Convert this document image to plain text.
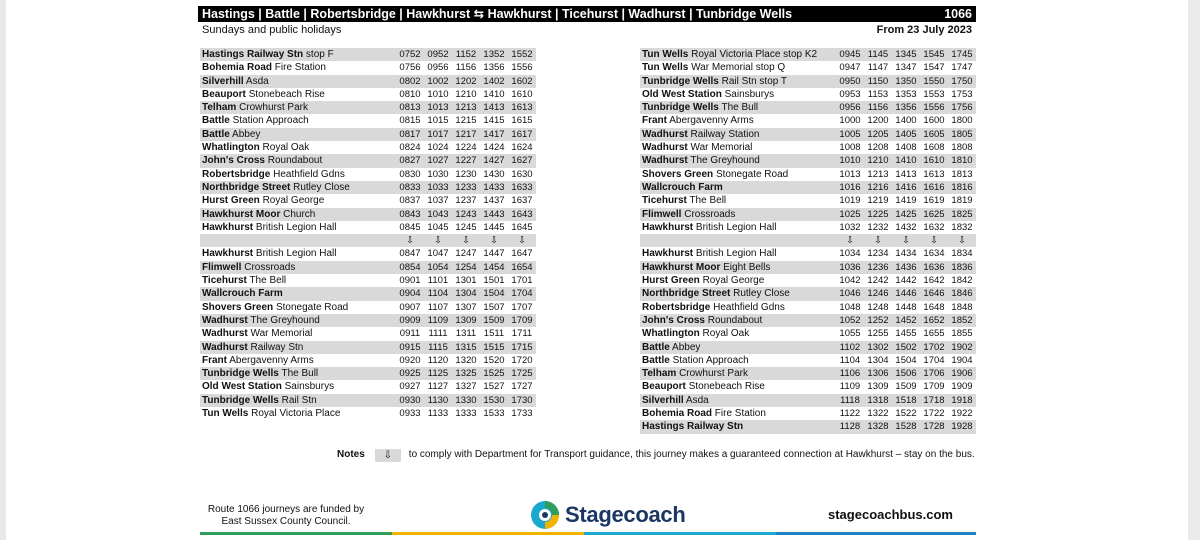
Hastings | Battle | Robertsbridge | Hawkhurst ⇆ Hawkhurst | Ticehurst | Wadhurst | Tunbridge Wells	1066
Sundays and public holidays	From 23 July 2023
Hastings Railway Stn stop F	0752 0952 1152 1352 1552
Bohemia Road Fire Station	0756 0956 1156 1356 1556
Silverhill Asda	0802 1002 1202 1402 1602
Beauport Stonebeach Rise	0810 1010 1210 1410 1610
Telham Crowhurst Park	0813 1013 1213 1413 1613
Battle Station Approach	0815 1015 1215 1415 1615
Battle Abbey	0817 1017 1217 1417 1617
Whatlington Royal Oak	0824 1024 1224 1424 1624
John's Cross Roundabout	0827 1027 1227 1427 1627
Robertsbridge Heathfield Gdns	0830 1030 1230 1430 1630
Northbridge Street Rutley Close	0833 1033 1233 1433 1633
Hurst Green Royal George	0837 1037 1237 1437 1637
Hawkhurst Moor Church	0843 1043 1243 1443 1643
Hawkhurst British Legion Hall	0845 1045 1245 1445 1645
⇩	⇩	⇩	⇩	⇩
Hawkhurst British Legion Hall	0847 1047 1247 1447 1647
Flimwell Crossroads	0854 1054 1254 1454 1654
Ticehurst The Bell	0901 1101 1301 1501 1701
Wallcrouch Farm	0904 1104 1304 1504 1704
Shovers Green Stonegate Road	0907 1107 1307 1507 1707
Wadhurst The Greyhound	0909 1109 1309 1509 1709
Wadhurst War Memorial	0911 1111 1311 1511 1711
Wadhurst Railway Stn	0915 1115 1315 1515 1715
Frant Abergavenny Arms	0920 1120 1320 1520 1720
Tunbridge Wells The Bull	0925 1125 1325 1525 1725
Old West Station Sainsburys	0927 1127 1327 1527 1727
Tunbridge Wells Rail Stn	0930 1130 1330 1530 1730
Tun Wells Royal Victoria Place	0933 1133 1333 1533 1733
Tun Wells Royal Victoria Place stop K2	0945 1145 1345 1545 1745
Tun Wells War Memorial stop Q	0947 1147 1347 1547 1747
Tunbridge Wells Rail Stn stop T	0950 1150 1350 1550 1750
Old West Station Sainsburys	0953 1153 1353 1553 1753
Tunbridge Wells The Bull	0956 1156 1356 1556 1756
Frant Abergavenny Arms	1000 1200 1400 1600 1800
Wadhurst Railway Station	1005 1205 1405 1605 1805
Wadhurst War Memorial	1008 1208 1408 1608 1808
Wadhurst The Greyhound	1010 1210 1410 1610 1810
Shovers Green Stonegate Road	1013 1213 1413 1613 1813
Wallcrouch Farm	1016 1216 1416 1616 1816
Ticehurst The Bell	1019 1219 1419 1619 1819
Flimwell Crossroads	1025 1225 1425 1625 1825
Hawkhurst British Legion Hall	1032 1232 1432 1632 1832
⇩	⇩	⇩	⇩	⇩
Hawkhurst British Legion Hall	1034 1234 1434 1634 1834
Hawkhurst Moor Eight Bells	1036 1236 1436 1636 1836
Hurst Green Royal George	1042 1242 1442 1642 1842
Northbridge Street Rutley Close	1046 1246 1446 1646 1846
Robertsbridge Heathfield Gdns	1048 1248 1448 1648 1848
John's Cross Roundabout	1052 1252 1452 1652 1852
Whatlington Royal Oak	1055 1255 1455 1655 1855
Battle Abbey	1102 1302 1502 1702 1902
Battle Station Approach	1104 1304 1504 1704 1904
Telham Crowhurst Park	1106 1306 1506 1706 1906
Beauport Stonebeach Rise	1109 1309 1509 1709 1909
Silverhill Asda	1118 1318 1518 1718 1918
Bohemia Road Fire Station	1122 1322 1522 1722 1922
Hastings Railway Stn	1128 1328 1528 1728 1928
Notes	⇩	to comply with Department for Transport guidance, this journey makes a guaranteed connection at Hawkhurst – stay on the bus.
Route 1066 journeys are funded by
East Sussex County Council.	Stagecoach	stagecoachbus.com
